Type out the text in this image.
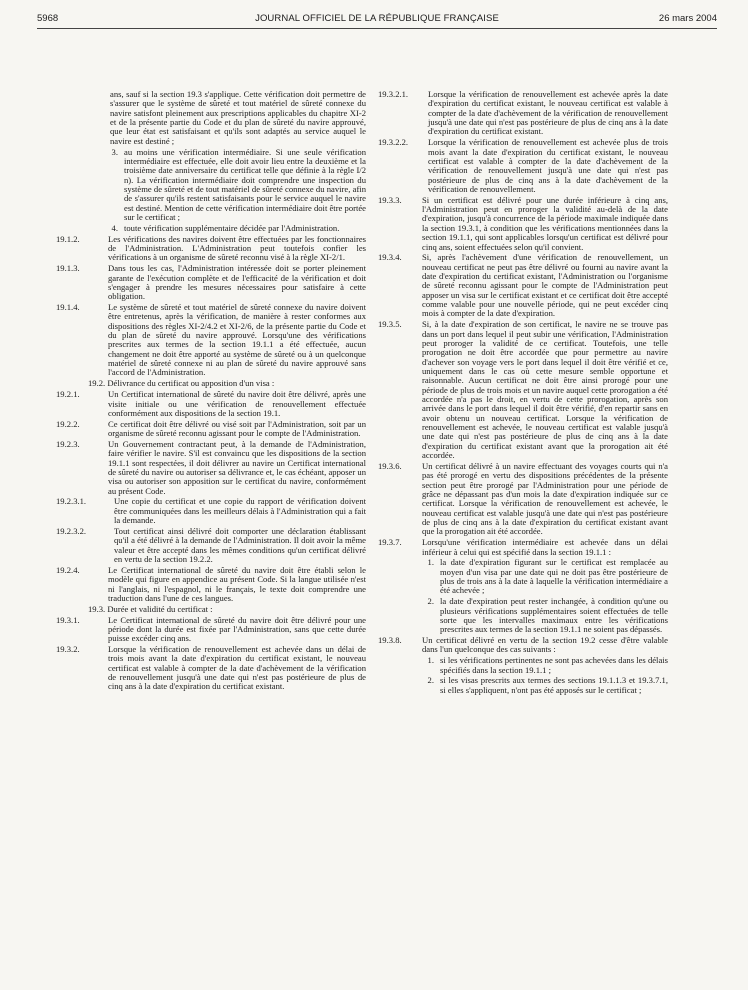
5968	JOURNAL OFFICIEL DE LA RÉPUBLIQUE FRANÇAISE	26 mars 2004
ans, sauf si la section 19.3 s'applique. Cette vérification doit permettre de s'assurer que le système de sûreté et tout matériel de sûreté connexe du navire satisfont pleinement aux prescriptions applicables du chapitre XI-2 et de la présente partie du Code et du plan de sûreté du navire approuvé, que leur état est satisfaisant et qu'ils sont adaptés au service auquel le navire est destiné ;
3. au moins une vérification intermédiaire. Si une seule vérification intermédiaire est effectuée, elle doit avoir lieu entre la deuxième et la troisième date anniversaire du certificat telle que définie à la règle I/2 n). La vérification intermédiaire doit comprendre une inspection du système de sûreté et de tout matériel de sûreté connexe du navire, afin de s'assurer qu'ils restent satisfaisants pour le service auquel le navire est destiné. Mention de cette vérification intermédiaire doit être portée sur le certificat ;
4. toute vérification supplémentaire décidée par l'Administration.
19.1.2.	Les vérifications des navires doivent être effectuées par les fonctionnaires de l'Administration. L'Administration peut toutefois confier les vérifications à un organisme de sûreté reconnu visé à la règle XI-2/1.
19.1.3.	Dans tous les cas, l'Administration intéressée doit se porter pleinement garante de l'exécution complète et de l'efficacité de la vérification et doit s'engager à prendre les mesures nécessaires pour satisfaire à cette obligation.
19.1.4.	Le système de sûreté et tout matériel de sûreté connexe du navire doivent être entretenus, après la vérification, de manière à rester conformes aux dispositions des règles XI-2/4.2 et XI-2/6, de la présente partie du Code et du plan de sûreté du navire approuvé. Lorsqu'une des vérifications prescrites aux termes de la section 19.1.1 a été effectuée, aucun changement ne doit être apporté au système de sûreté ou à un quelconque matériel de sûreté connexe ni au plan de sûreté du navire approuvé sans l'accord de l'Administration.
19.2. Délivrance du certificat ou apposition d'un visa :
19.2.1.	Un Certificat international de sûreté du navire doit être délivré, après une visite initiale ou une vérification de renouvellement effectuée conformément aux dispositions de la section 19.1.
19.2.2.	Ce certificat doit être délivré ou visé soit par l'Administration, soit par un organisme de sûreté reconnu agissant pour le compte de l'Administration.
19.2.3.	Un Gouvernement contractant peut, à la demande de l'Administration, faire vérifier le navire. S'il est convaincu que les dispositions de la section 19.1.1 sont respectées, il doit délivrer au navire un Certificat international de sûreté du navire ou autoriser sa délivrance et, le cas échéant, apposer un visa ou autoriser son apposition sur le certificat du navire, conformément au présent Code.
19.2.3.1.	Une copie du certificat et une copie du rapport de vérification doivent être communiquées dans les meilleurs délais à l'Administration qui a fait la demande.
19.2.3.2.	Tout certificat ainsi délivré doit comporter une déclaration établissant qu'il a été délivré à la demande de l'Administration. Il doit avoir la même valeur et être accepté dans les mêmes conditions qu'un certificat délivré en vertu de la section 19.2.2.
19.2.4.	Le Certificat international de sûreté du navire doit être établi selon le modèle qui figure en appendice au présent Code. Si la langue utilisée n'est ni l'anglais, ni l'espagnol, ni le français, le texte doit comprendre une traduction dans l'une de ces langues.
19.3. Durée et validité du certificat :
19.3.1.	Le Certificat international de sûreté du navire doit être délivré pour une période dont la durée est fixée par l'Administration, sans que cette durée puisse excéder cinq ans.
19.3.2.	Lorsque la vérification de renouvellement est achevée dans un délai de trois mois avant la date d'expiration du certificat existant, le nouveau certificat est valable à compter de la date d'achèvement de la vérification de renouvellement jusqu'à une date qui n'est pas postérieure de plus de cinq ans à la date d'expiration du certificat existant.
19.3.2.1.	Lorsque la vérification de renouvellement est achevée après la date d'expiration du certificat existant, le nouveau certificat est valable à compter de la date d'achèvement de la vérification de renouvellement jusqu'à une date qui n'est pas postérieure de plus de cinq ans à la date d'expiration du certificat existant.
19.3.2.2.	Lorsque la vérification de renouvellement est achevée plus de trois mois avant la date d'expiration du certificat existant, le nouveau certificat est valable à compter de la date d'achèvement de la vérification de renouvellement jusqu'à une date qui n'est pas postérieure de plus de cinq ans à la date d'achèvement de la vérification de renouvellement.
19.3.3.	Si un certificat est délivré pour une durée inférieure à cinq ans, l'Administration peut en proroger la validité au-delà de la date d'expiration, jusqu'à concurrence de la période maximale indiquée dans la section 19.3.1, à condition que les vérifications mentionnées dans la section 19.1.1, qui sont applicables lorsqu'un certificat est délivré pour cinq ans, soient effectuées selon qu'il convient.
19.3.4.	Si, après l'achèvement d'une vérification de renouvellement, un nouveau certificat ne peut pas être délivré ou fourni au navire avant la date d'expiration du certificat existant, l'Administration ou l'organisme de sûreté reconnu agissant pour le compte de l'Administration peut apposer un visa sur le certificat existant et ce certificat doit être accepté comme valable pour une nouvelle période, qui ne peut excéder cinq mois à compter de la date d'expiration.
19.3.5.	Si, à la date d'expiration de son certificat, le navire ne se trouve pas dans un port dans lequel il peut subir une vérification, l'Administration peut proroger la validité de ce certificat. Toutefois, une telle prorogation ne doit être accordée que pour permettre au navire d'achever son voyage vers le port dans lequel il doit être vérifié et ce, uniquement dans le cas où cette mesure semble opportune et raisonnable. Aucun certificat ne doit être ainsi prorogé pour une période de plus de trois mois et un navire auquel cette prorogation a été accordée n'a pas le droit, en vertu de cette prorogation, après son arrivée dans le port dans lequel il doit être vérifié, d'en repartir sans en avoir obtenu un nouveau certificat. Lorsque la vérification de renouvellement est achevée, le nouveau certificat est valable jusqu'à une date qui n'est pas postérieure de plus de cinq ans à la date d'expiration du certificat existant avant que la prorogation ait été accordée.
19.3.6.	Un certificat délivré à un navire effectuant des voyages courts qui n'a pas été prorogé en vertu des dispositions précédentes de la présente section peut être prorogé par l'Administration pour une période de grâce ne dépassant pas d'un mois la date d'expiration indiquée sur ce certificat. Lorsque la vérification de renouvellement est achevée, le nouveau certificat est valable jusqu'à une date qui n'est pas postérieure de plus de cinq ans à la date d'expiration du certificat existant avant que la prorogation ait été accordée.
19.3.7.	Lorsqu'une vérification intermédiaire est achevée dans un délai inférieur à celui qui est spécifié dans la section 19.1.1 :
1. la date d'expiration figurant sur le certificat est remplacée au moyen d'un visa par une date qui ne doit pas être postérieure de plus de trois ans à la date à laquelle la vérification intermédiaire a été achevée ;
2. la date d'expiration peut rester inchangée, à condition qu'une ou plusieurs vérifications supplémentaires soient effectuées de telle sorte que les intervalles maximaux entre les vérifications prescrites aux termes de la section 19.1.1 ne soient pas dépassés.
19.3.8.	Un certificat délivré en vertu de la section 19.2 cesse d'être valable dans l'un quelconque des cas suivants :
1. si les vérifications pertinentes ne sont pas achevées dans les délais spécifiés dans la section 19.1.1 ;
2. si les visas prescrits aux termes des sections 19.1.1.3 et 19.3.7.1, si elles s'appliquent, n'ont pas été apposés sur le certificat ;
